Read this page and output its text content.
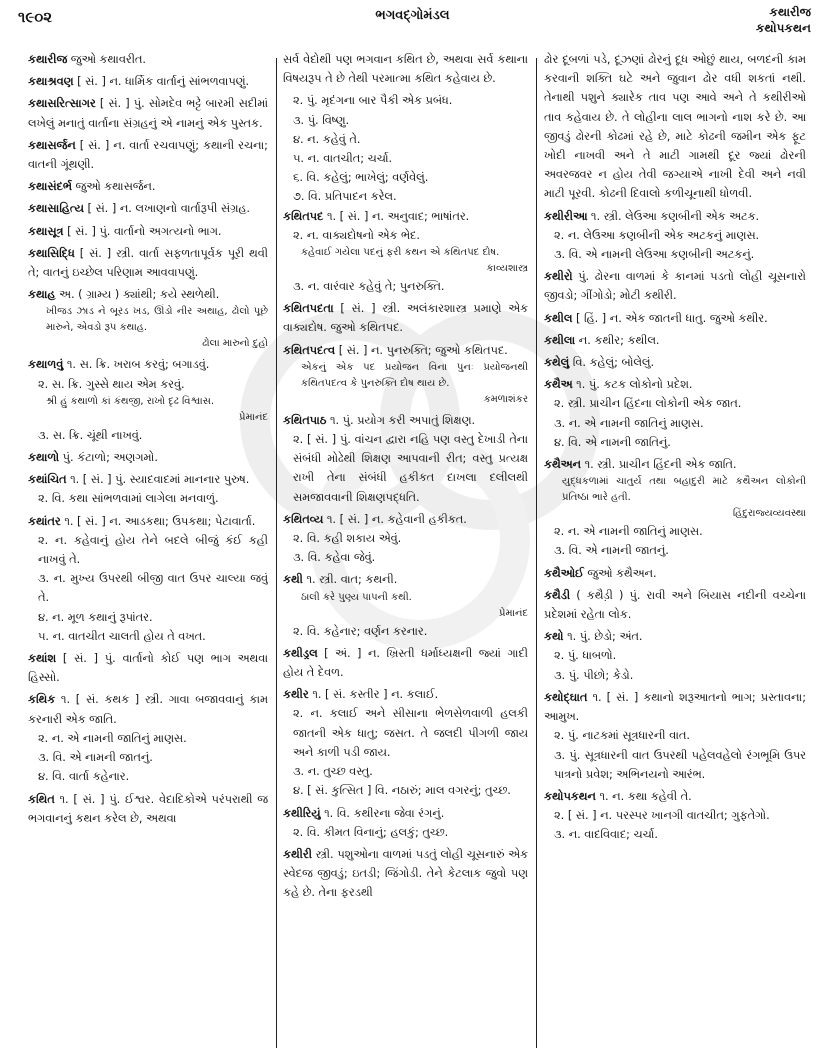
૧૯૦૨	ભગવદ્ગોમંડલ	કથારીજ
કથોપકથન
કથારીજ જુઓ કથાવરીત.
કથાશ્રવણ [ સં. ] ન. ધાર્મિક વાર્તાનું સાંભળવાપણું.
કથાસરિત્સાગર [ સં. ] પું. સોમદેવ ભટ્ટે બારમી સદીમાં લખેલું મનાતું વાર્તાના સંગ્રહનું એ નામનું એક પુસ્તક.
કથાસર્જન [ સં. ] ન. વાર્તા રચવાપણું; કથાની રચના; વાતની ગૂંથણી.
કથાસંદર્ભ જુઓ કથાસર્જન.
કથાસાહિત્ય [ સં. ] ન. લખાણનો વાર્તારૂપી સંગ્રહ.
કથાસૂત્ર [ સં. ] પું. વાર્તાનો અગત્યનો ભાગ.
કથાસિદ્ધિ [ સં. ] સ્ત્રી. વાર્તા સફળતાપૂર્વક પૂરી થવી તે; વાતનું ઇચ્છેલ પરિણામ આવવાપણું.
કથાહ અ. ( ગ્રામ્ય ) ક્યાંથી; કયે સ્થળેથી.
ખીજડ ઝાડ ને બૂરડ ખડ, ઊંડો નીર અથાહ, ઢોલો પૂછે મારુને, એવડો રૂપ કથાહ.
ઢોલા મારુનો દુહો
કથાળવું ૧. સ. ક્રિ. ખરાબ કરવું; બગાડવું.
૨. સ. ક્રિ. ગુસ્સે થાય એમ કરવું.
શ્રી હું કથાળો કાં કંથજી, રાખો દૃઢ વિશ્વાસ.
પ્રેમાનંદ
૩. સ. ક્રિ. ચૂંથી નાખવું.
કથાળો પું. કંટાળો; અણગમો.
કથાંચિત ૧. [ સં. ] પું. સ્યાદવાદમાં માનનાર પુરુષ.
૨. વિ. કથા સાંભળવામાં લાગેલા મનવાળું.
કથાંતર ૧. [ સં. ] ન. આડકથા; ઉપકથા; પેટાવાર્તા.
૨. ન. કહેવાનું હોય તેને બદલે બીજું કંઈ કહી નાખવું તે.
૩. ન. મુખ્ય ઉપરથી બીજી વાત ઉપર ચાલ્યા જવું તે.
૪. ન. મૂળ કથાનું રૂપાંતર.
૫. ન. વાતચીત ચાલતી હોય તે વખત.
કથાંશ [ સં. ] પું. વાર્તાનો કોઈ પણ ભાગ અથવા હિસ્સો.
કથિક ૧. [ સં. કથક ] સ્ત્રી. ગાવા બજાવવાનું કામ કરનારી એક જાતિ.
૨. ન. એ નામની જાતિનું માણસ.
૩. વિ. એ નામની જાતનું.
૪. વિ. વાર્તા કહેનાર.
કથિત ૧. [ સં. ] પું. ઈશ્વર. વેદાદિકોએ પરંપરાથી જ ભગવાનનું કથન કરેલ છે, અથવા
સર્વ વેદોથી પણ ભગવાન કથિત છે, અથવા સર્વ કથાના વિષયરૂપ તે છે તેથી પરમાત્મા કથિત કહેવાય છે.
૨. પું. મૃદંગના બાર પૈકી એક પ્રબંધ.
૩. પું. વિષ્ણુ.
૪. ન. કહેવું તે.
૫. ન. વાતચીત; ચર્ચા.
૬. વિ. કહેલું; ભાખેલું; વર્ણવેલું.
૭. વિ. પ્રતિપાદન કરેલ.
કથિતપદ ૧. [ સં. ] ન. અનુવાદ; ભાષાંતર.
૨. ન. વાક્યદોષનો એક ભેદ.
કહેવાઈ ગયેલા પદનું ફરી કથન એ કથિતપદ દોષ.
કાવ્યશાસ્ત્ર
૩. ન. વારંવાર કહેવું તે; પુનરુક્તિ.
કથિતપદતા [ સં. ] સ્ત્રી. અલંકારશાસ્ત્ર પ્રમાણે એક વાક્યદોષ. જુઓ કથિતપદ.
કથિતપદત્વ [ સં. ] ન. પુનરુક્તિ; જુઓ કથિતપદ.
એકનું એક પદ પ્રયોજન વિના પુનઃ પ્રયોજનથી કથિતપદત્વ કે પુનરુક્તિ દોષ થાય છે.
કમળાશંકર
કથિતપાઠ ૧. પું. પ્રયોગ કરી અપાતું શિક્ષણ.
૨. [ સં. ] પું. વાંચન દ્વારા નહિ પણ વસ્તુ દેખાડી તેના સંબંધી મોઢેથી શિક્ષણ આપવાની રીત; વસ્તુ પ્રત્યક્ષ રાખી તેના સંબંધી હકીકત દાખલા દલીલથી સમજાવવાની શિક્ષણપદ્ધતિ.
કથિતવ્ય ૧. [ સં. ] ન. કહેવાની હકીકત.
૨. વિ. કહી શકાય એવું.
૩. વિ. કહેવા જેવું.
કથી ૧. સ્ત્રી. વાત; કથની.
ઠાલી કરે પુણ્ય પાપની કથી.
પ્રેમાનંદ
૨. વિ. કહેનાર; વર્ણન કરનાર.
કથીડ્રલ [ અં. ] ન. ખ્રિસ્તી ધર્માધ્યક્ષની જ્યાં ગાદી હોય તે દેવળ.
કથીર ૧. [ સં. કસ્તીર ] ન. કલાઈ.
૨. ન. કલાઈ અને સીસાના ભેળસેળવાળી હલકી જાતની એક ધાતુ; જસત. તે જલદી પીગળી જાય અને કાળી પડી જાય.
૩. ન. તુચ્છ વસ્તુ.
૪. [ સં. કુત્સિત ] વિ. નઠારું; માલ વગરનું; તુચ્છ.
કથીરિયું ૧. વિ. કથીરના જેવા રંગનું.
૨. વિ. કીમત વિનાનું; હલકું; તુચ્છ.
કથીરી સ્ત્રી. પશુઓના વાળમાં પડતું લોહી ચૂસનારું એક સ્વેદજ જીવડું; ઇતડી; જિંગોડી. તેને કેટલાક જુવો પણ કહે છે. તેના ફરડથી
ઢોર દૂબળાં પડે, દૂઝણાં ઢોરનું દૂધ ઓછું થાય, બળદની કામ કરવાની શક્તિ ઘટે અને જુવાન ઢોર વધી શકતાં નથી. તેનાથી પશુને ક્યારેક તાવ પણ આવે અને તે કથીરીઓ તાવ કહેવાય છે. તે લોહીના લાલ ભાગનો નાશ કરે છે. આ જીવડું ઢોરની કોઢમાં રહે છે, માટે કોઢની જમીન એક ફૂટ ખોદી નાખવી અને તે માટી ગામથી દૂર જ્યાં ઢોરની અવરજવર ન હોય તેવી જગ્યાએ નાખી દેવી અને નવી માટી પૂરવી. કોઢની દિવાલો કળીચૂનાથી ધોળવી.
કથીરીઆ ૧. સ્ત્રી. લેઉઆ કણબીની એક અટક.
૨. ન. લેઉઆ કણબીની એક અટકનું માણસ.
૩. વિ. એ નામની લેઉઆ કણબીની અટકનું.
કથીરો પું. ઢોરના વાળમાં કે કાનમાં પડતો લોહી ચૂસનારો જીવડો; ગીંગોડો; મોટી કથીરી.
કથીલ [ હિં. ] ન. એક જાતની ધાતુ. જુઓ કથીર.
કથીલા ન. કથીર; કથીલ.
કથેલું વિ. કહેલું; બોલેલું.
કથૈઅ ૧. પું. કટક લોકોનો પ્રદેશ.
૨. સ્ત્રી. પ્રાચીન હિંદના લોકોની એક જાત.
૩. ન. એ નામની જાતિનું માણસ.
૪. વિ. એ નામની જાતિનું.
કથૈઅન ૧. સ્ત્રી. પ્રાચીન હિંદની એક જાતિ.
યુદ્ધકળામાં ચાતુર્ય તથા બહાદુરી માટે કથૈઅન લોકોની પ્રતિષ્ઠા ભારે હતી.
હિંદુરાજ્યવ્યવસ્થા
૨. ન. એ નામની જાતિનું માણસ.
૩. વિ. એ નામની જાતનું.
કથૈઓઈ જુઓ કથૈઅન.
કથૈડી ( કથૈડ઼ી ) પું. રાવી અને બિયાસ નદીની વચ્ચેના પ્રદેશમાં રહેતા લોક.
કથો ૧. પું. છેડો; અંત.
૨. પું. ધાબળો.
૩. પું. પીછો; કેડો.
કથોદ્ઘાત ૧. [ સં. ] કથાનો શરૂઆતનો ભાગ; પ્રસ્તાવના; આમુખ.
૨. પું. નાટકમાં સૂત્રધારની વાત.
૩. પું. સૂત્રધારની વાત ઉપરથી પહેલવહેલો રંગભૂમિ ઉપર પાત્રનો પ્રવેશ; અભિનયનો આરંભ.
કથોપકથન ૧. ન. કથા કહેવી તે.
૨. [ સં. ] ન. પરસ્પર ખાનગી વાતચીત; ગુફતેગો.
૩. ન. વાદવિવાદ; ચર્ચા.
